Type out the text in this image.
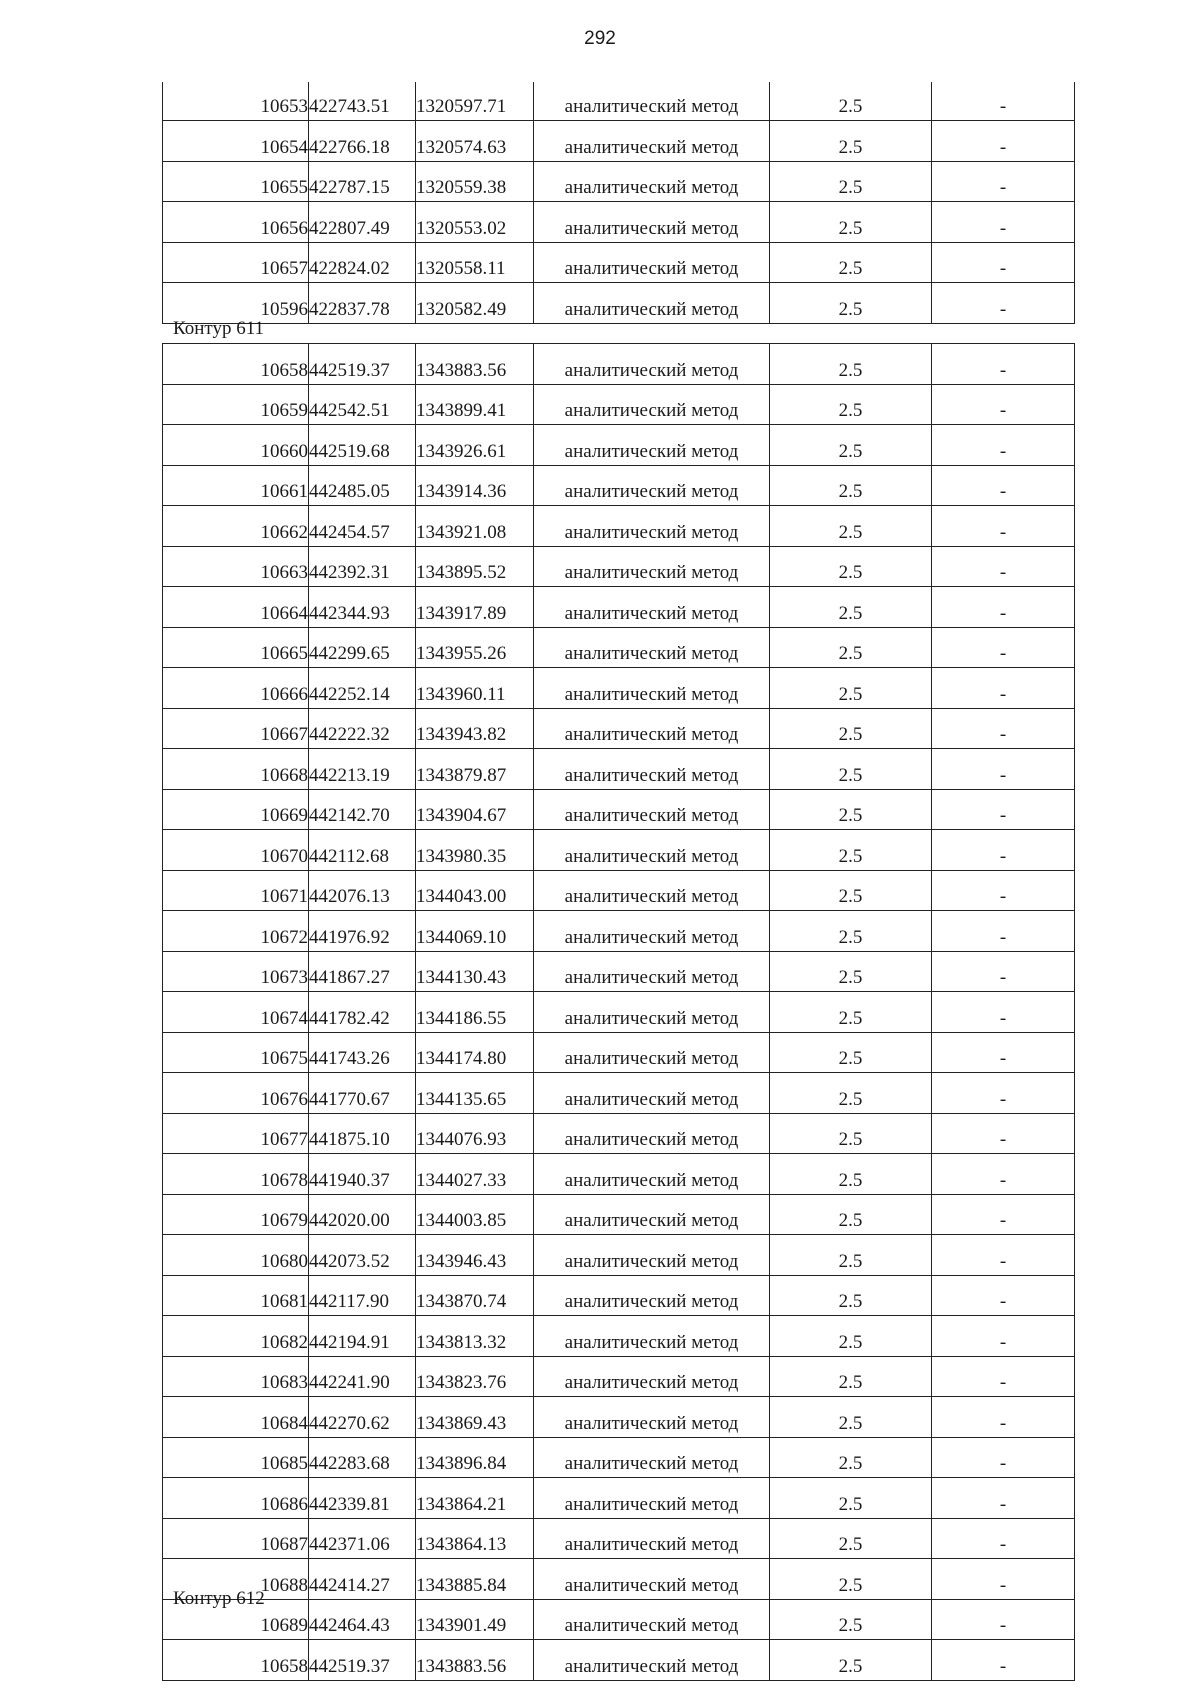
292
10653	422743.51	1320597.71	аналитический метод	2.5	-
10654	422766.18	1320574.63	аналитический метод	2.5	-
10655	422787.15	1320559.38	аналитический метод	2.5	-
10656	422807.49	1320553.02	аналитический метод	2.5	-
10657	422824.02	1320558.11	аналитический метод	2.5	-
10596	422837.78	1320582.49	аналитический метод	2.5	-
Контур 611
10658	442519.37	1343883.56	аналитический метод	2.5	-
10659	442542.51	1343899.41	аналитический метод	2.5	-
10660	442519.68	1343926.61	аналитический метод	2.5	-
10661	442485.05	1343914.36	аналитический метод	2.5	-
10662	442454.57	1343921.08	аналитический метод	2.5	-
10663	442392.31	1343895.52	аналитический метод	2.5	-
10664	442344.93	1343917.89	аналитический метод	2.5	-
10665	442299.65	1343955.26	аналитический метод	2.5	-
10666	442252.14	1343960.11	аналитический метод	2.5	-
10667	442222.32	1343943.82	аналитический метод	2.5	-
10668	442213.19	1343879.87	аналитический метод	2.5	-
10669	442142.70	1343904.67	аналитический метод	2.5	-
10670	442112.68	1343980.35	аналитический метод	2.5	-
10671	442076.13	1344043.00	аналитический метод	2.5	-
10672	441976.92	1344069.10	аналитический метод	2.5	-
10673	441867.27	1344130.43	аналитический метод	2.5	-
10674	441782.42	1344186.55	аналитический метод	2.5	-
10675	441743.26	1344174.80	аналитический метод	2.5	-
10676	441770.67	1344135.65	аналитический метод	2.5	-
10677	441875.10	1344076.93	аналитический метод	2.5	-
10678	441940.37	1344027.33	аналитический метод	2.5	-
10679	442020.00	1344003.85	аналитический метод	2.5	-
10680	442073.52	1343946.43	аналитический метод	2.5	-
10681	442117.90	1343870.74	аналитический метод	2.5	-
10682	442194.91	1343813.32	аналитический метод	2.5	-
10683	442241.90	1343823.76	аналитический метод	2.5	-
10684	442270.62	1343869.43	аналитический метод	2.5	-
10685	442283.68	1343896.84	аналитический метод	2.5	-
10686	442339.81	1343864.21	аналитический метод	2.5	-
10687	442371.06	1343864.13	аналитический метод	2.5	-
10688	442414.27	1343885.84	аналитический метод	2.5	-
10689	442464.43	1343901.49	аналитический метод	2.5	-
10658	442519.37	1343883.56	аналитический метод	2.5	-
Контур 612
